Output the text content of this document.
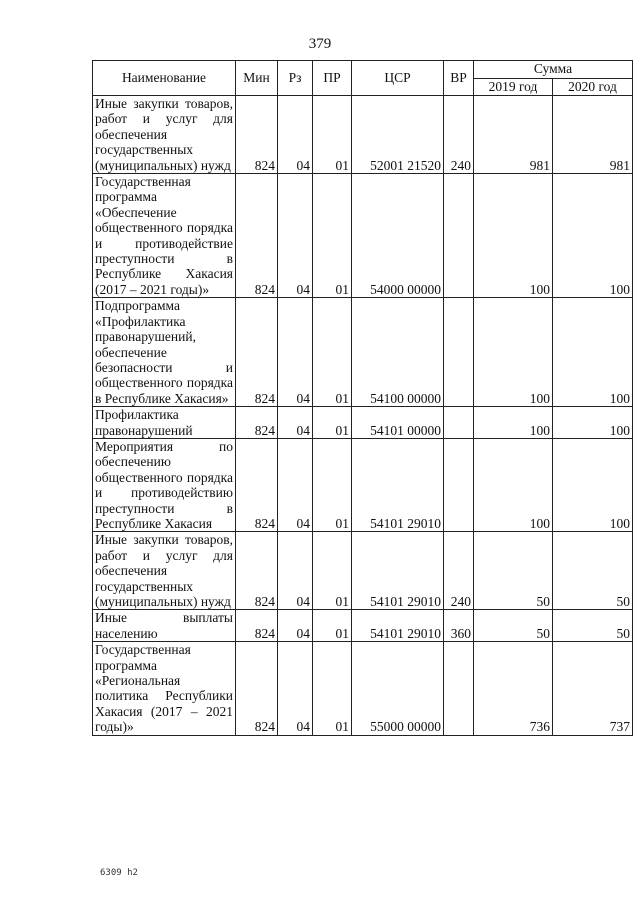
379
Наименование	Мин	Рз	ПР	ЦСР	ВР	Сумма	
						2019 год	2020 год
Иные закупки товаров, работ и услуг для обеспечения государственных (муниципальных) нужд	824	04	01	52001 21520	240	981	981
Государственная программа «Обеспечение общественного порядка и противодействие преступности в Республике Хакасия (2017 – 2021 годы)»	824	04	01	54000 00000		100	100
Подпрограмма «Профилактика правонарушений, обеспечение безопасности и общественного порядка в Республике Хакасия»	824	04	01	54100 00000		100	100
Профилактика правонарушений	824	04	01	54101 00000		100	100
Мероприятия по обеспечению общественного порядка и противодействию преступности в Республике Хакасия	824	04	01	54101 29010		100	100
Иные закупки товаров, работ и услуг для обеспечения государственных (муниципальных) нужд	824	04	01	54101 29010	240	50	50
Иные выплаты населению	824	04	01	54101 29010	360	50	50
Государственная программа «Региональная политика Республики Хакасия (2017 – 2021 годы)»	824	04	01	55000 00000		736	737
6309 h2
